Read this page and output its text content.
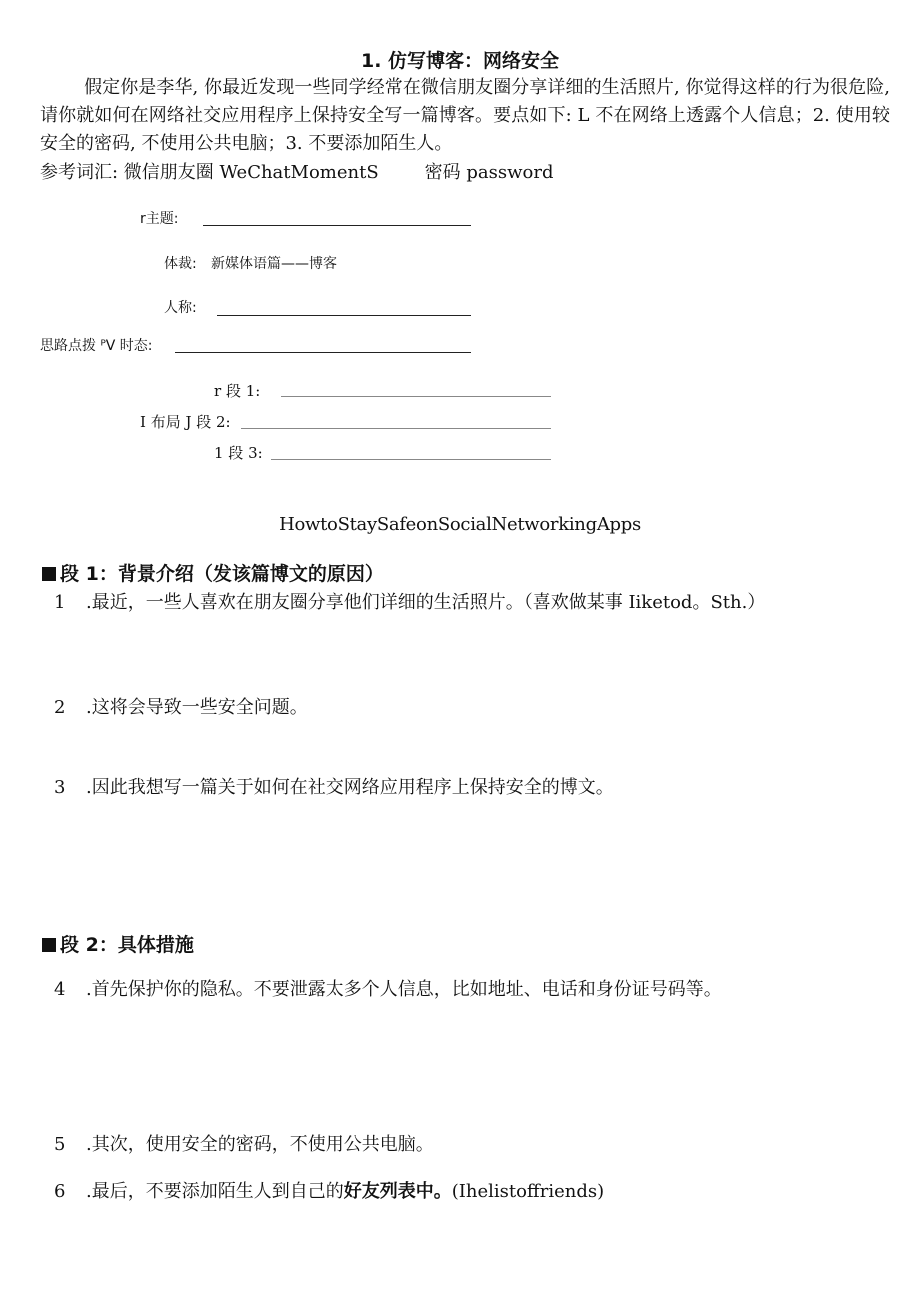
1. 仿写博客：网络安全
假定你是李华, 你最近发现一些同学经常在微信朋友圈分享详细的生活照片, 你觉得这样的行为很危险, 请你就如何在网络社交应用程序上保持安全写一篇博客。要点如下: L 不在网络上透露个人信息；2. 使用较安全的密码, 不使用公共电脑；3. 不要添加陌生人。
参考词汇: 微信朋友圈 WeChatMomentS	密码 password
r主题:
体裁: 新媒体语篇——博客
人称:
思路点拨 ᴾV 时态:
r 段 1:
I 布局 J 段 2:
1 段 3:
HowtoStaySafeonSocialNetworkingApps
段 1：背景介绍（发该篇博文的原因）
1 .最近，一些人喜欢在朋友圈分享他们详细的生活照片。（喜欢做某事 Iiketod。Sth.）
2 .这将会导致一些安全问题。
3 .因此我想写一篇关于如何在社交网络应用程序上保持安全的博文。
段 2：具体措施
4 .首先保护你的隐私。不要泄露太多个人信息，比如地址、电话和身份证号码等。
5 .其次，使用安全的密码，不使用公共电脑。
6 .最后，不要添加陌生人到自己的好友列表中。(Ihelistoffriends)
